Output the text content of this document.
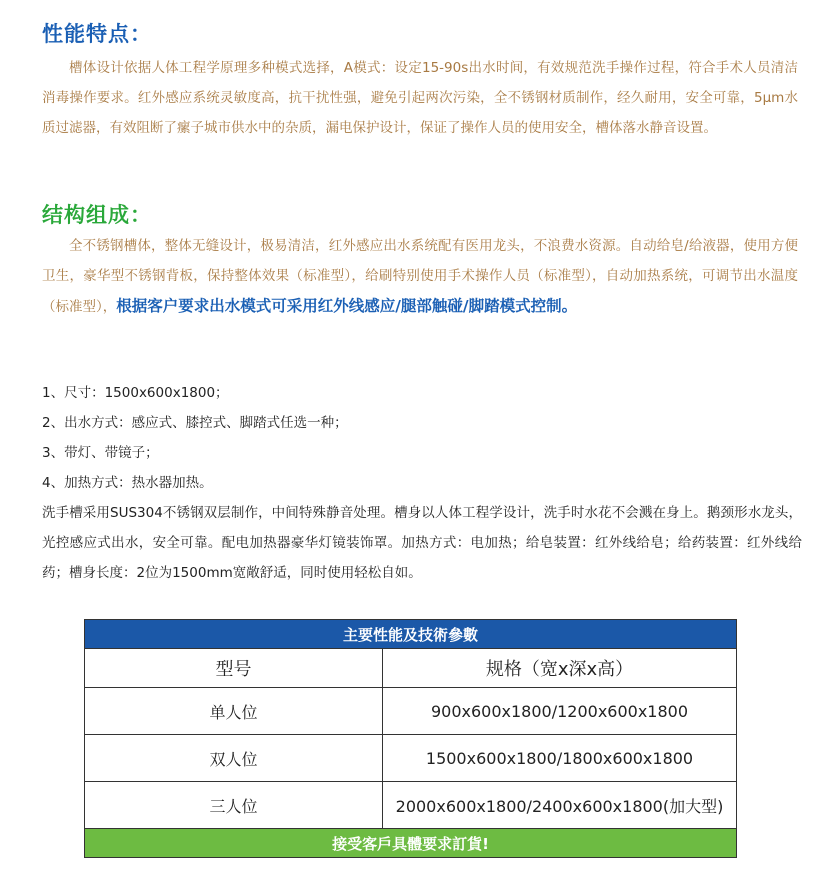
性能特点：

槽体设计依据人体工程学原理多种模式选择，A模式：设定15-90s出水时间，有效规范洗手操作过程，符合手术人员清洁消毒操作要求。红外感应系统灵敏度高，抗干扰性强，避免引起两次污染，全不锈钢材质制作，经久耐用，安全可靠，5μm水质过滤器，有效阻断了瘰子城市供水中的杂质，漏电保护设计，保证了操作人员的使用安全，槽体落水静音设置。

结构组成：

全不锈钢槽体，整体无缝设计，极易清洁，红外感应出水系统配有医用龙头，不浪费水资源。自动给皂/给液器，使用方便卫生，豪华型不锈钢背板，保持整体效果（标准型），给刷特别使用手术操作人员（标准型），自动加热系统，可调节出水温度（标准型），根据客户要求出水模式可采用红外线感应/腿部触碰/脚踏模式控制。

1、尺寸：1500x600x1800；
2、出水方式：感应式、膝控式、脚踏式任选一种；
3、带灯、带镜子；
4、加热方式：热水器加热。

洗手槽采用SUS304不锈钢双层制作，中间特殊静音处理。槽身以人体工程学设计，洗手时水花不会溅在身上。鹅颈形水龙头，光控感应式出水，安全可靠。配电加热器豪华灯镜装饰罩。加热方式：电加热；给皂装置：红外线给皂；给药装置：红外线给药；槽身长度：2位为1500mm宽敞舒适，同时使用轻松自如。

主要性能及技術參數	
型号	规格（宽x深x高）
单人位	900x600x1800/1200x600x1800
双人位	1500x600x1800/1800x600x1800
三人位	2000x600x1800/2400x600x1800(加大型)
接受客戶具體要求訂貨!	
